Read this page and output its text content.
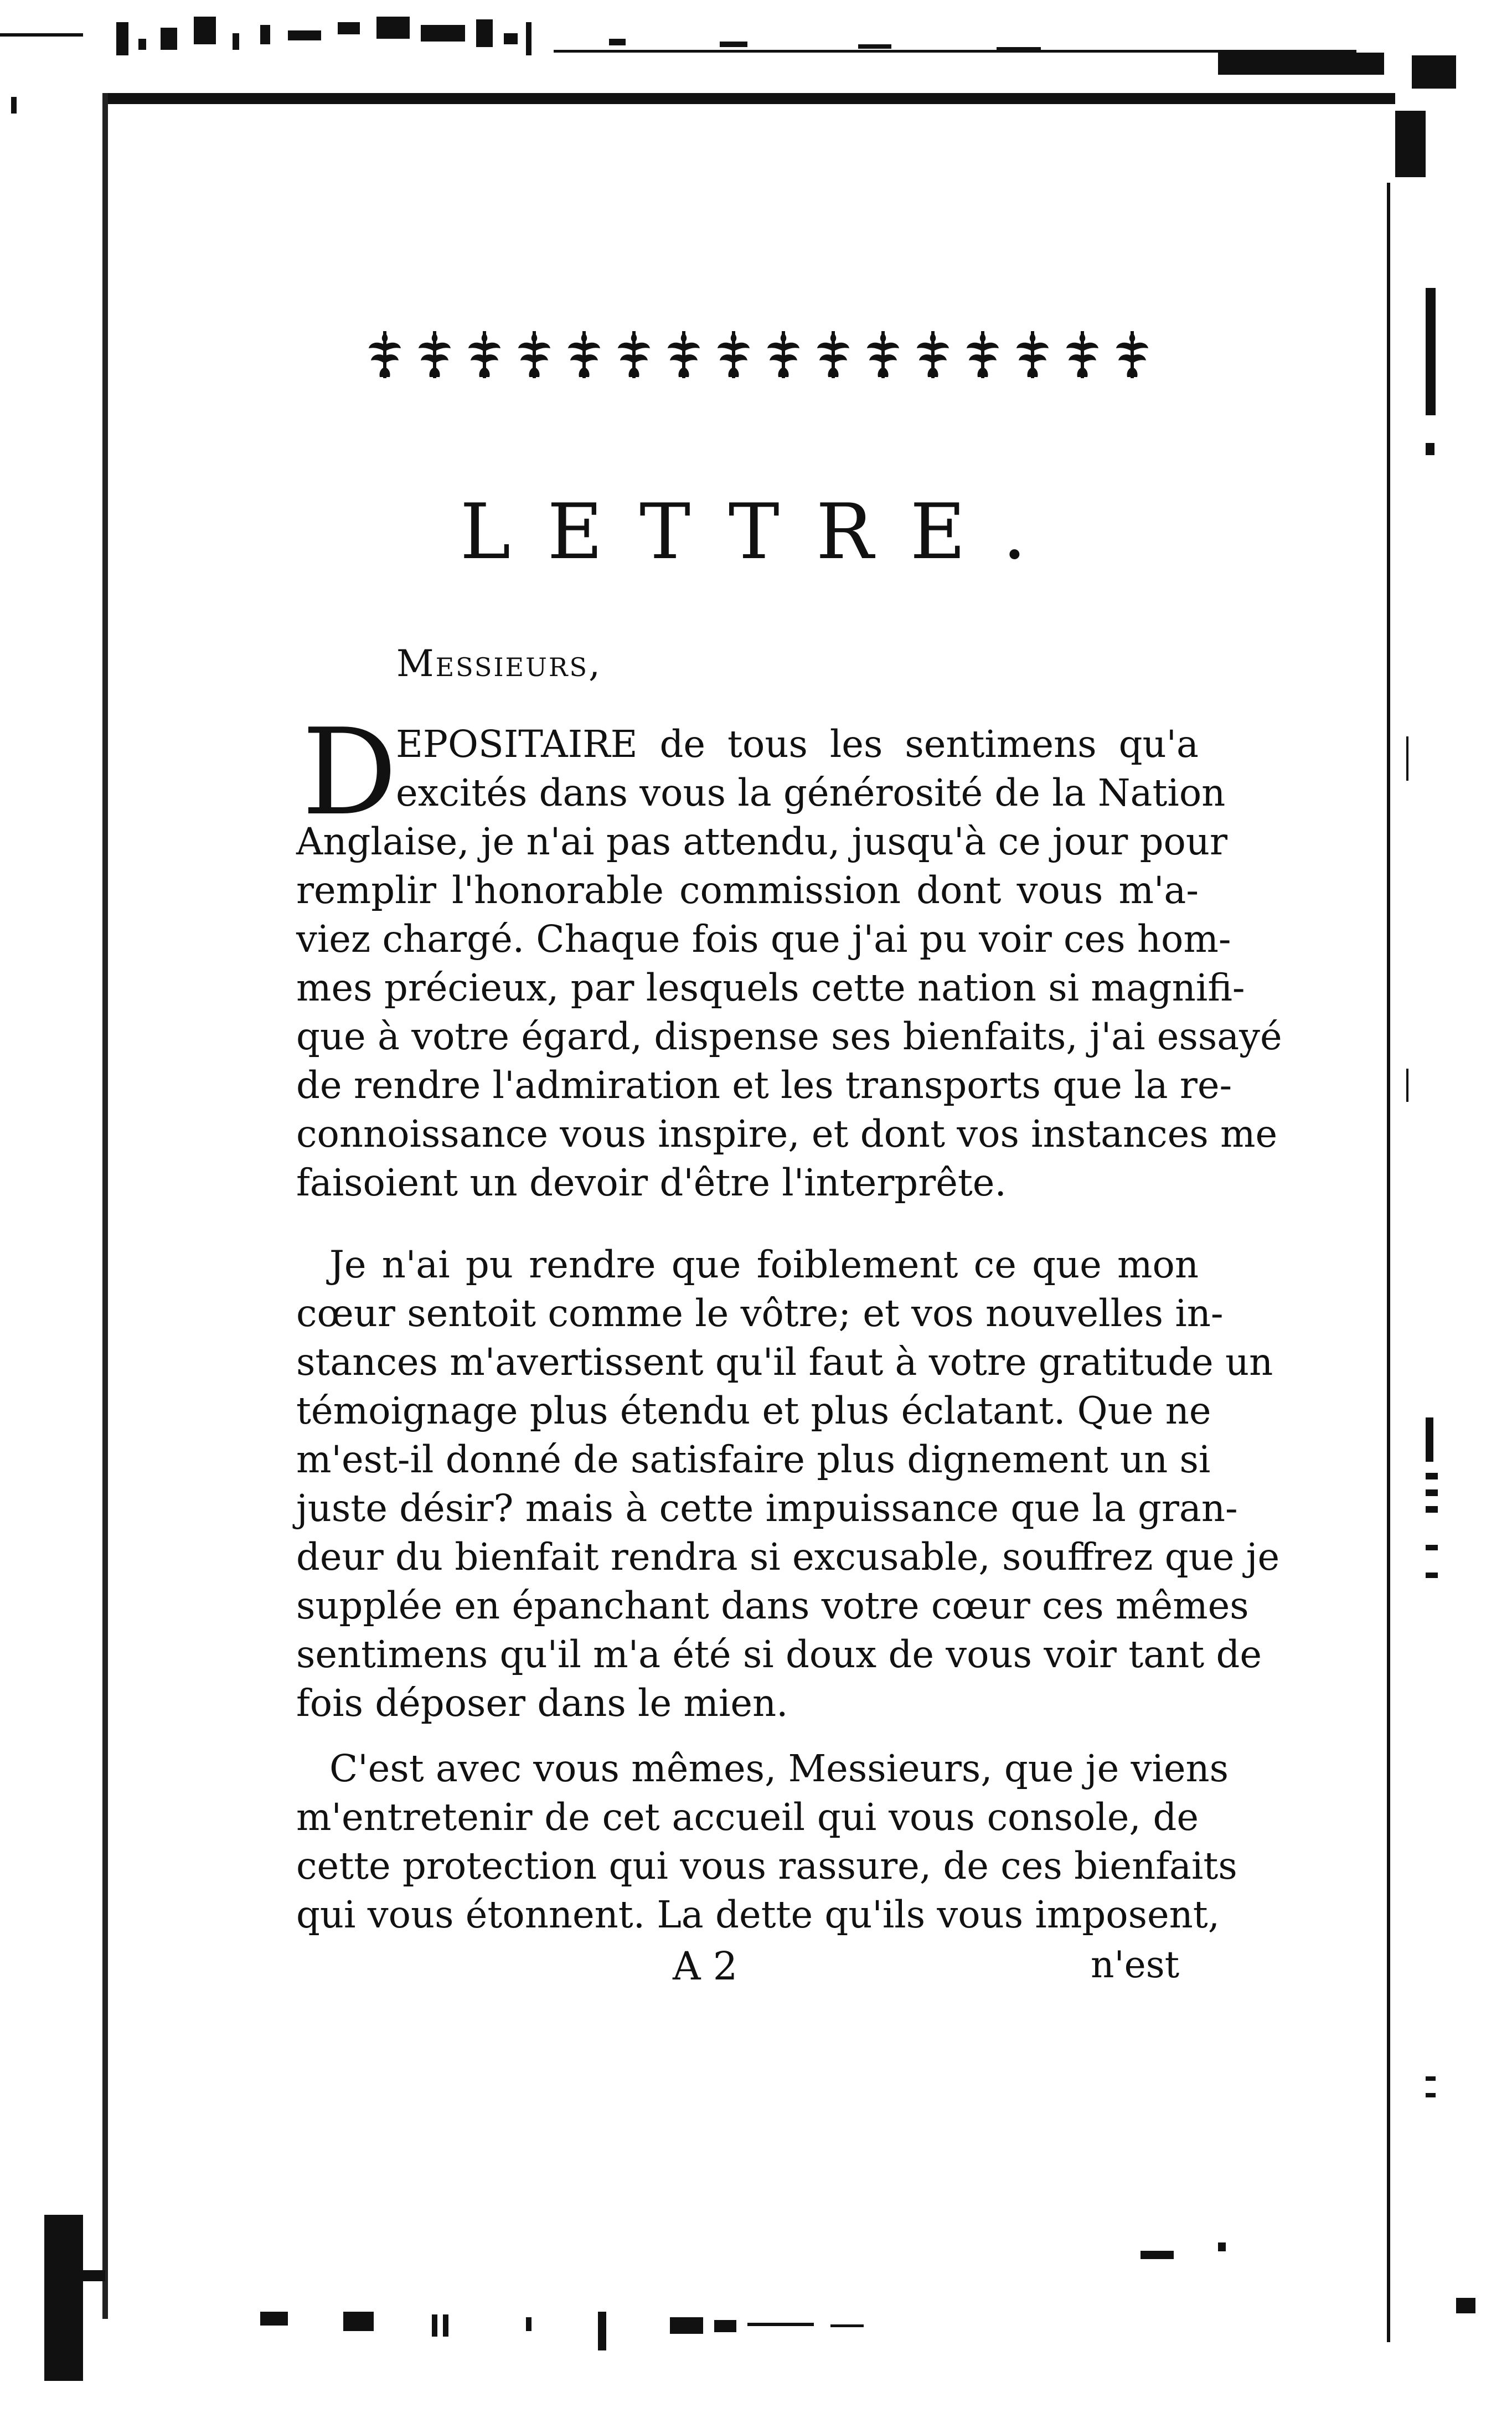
LETTRE.
Messieurs,
D
EPOSITAIRE de tous les sentimens qu'a
excités dans vous la générosité de la Nation
Anglaise, je n'ai pas attendu, jusqu'à ce jour pour
remplir l'honorable commission dont vous m'a-
viez chargé. Chaque fois que j'ai pu voir ces hom-
mes précieux, par lesquels cette nation si magnifi-
que à votre égard, dispense ses bienfaits, j'ai essayé
de rendre l'admiration et les transports que la re-
connoissance vous inspire, et dont vos instances me
faisoient un devoir d'être l'interprête.
Je n'ai pu rendre que foiblement ce que mon
cœur sentoit comme le vôtre; et vos nouvelles in-
stances m'avertissent qu'il faut à votre gratitude un
témoignage plus étendu et plus éclatant. Que ne
m'est-il donné de satisfaire plus dignement un si
juste désir? mais à cette impuissance que la gran-
deur du bienfait rendra si excusable, souffrez que je
supplée en épanchant dans votre cœur ces mêmes
sentimens qu'il m'a été si doux de vous voir tant de
fois déposer dans le mien.
C'est avec vous mêmes, Messieurs, que je viens
m'entretenir de cet accueil qui vous console, de
cette protection qui vous rassure, de ces bienfaits
qui vous étonnent. La dette qu'ils vous imposent,
A 2	n'est
